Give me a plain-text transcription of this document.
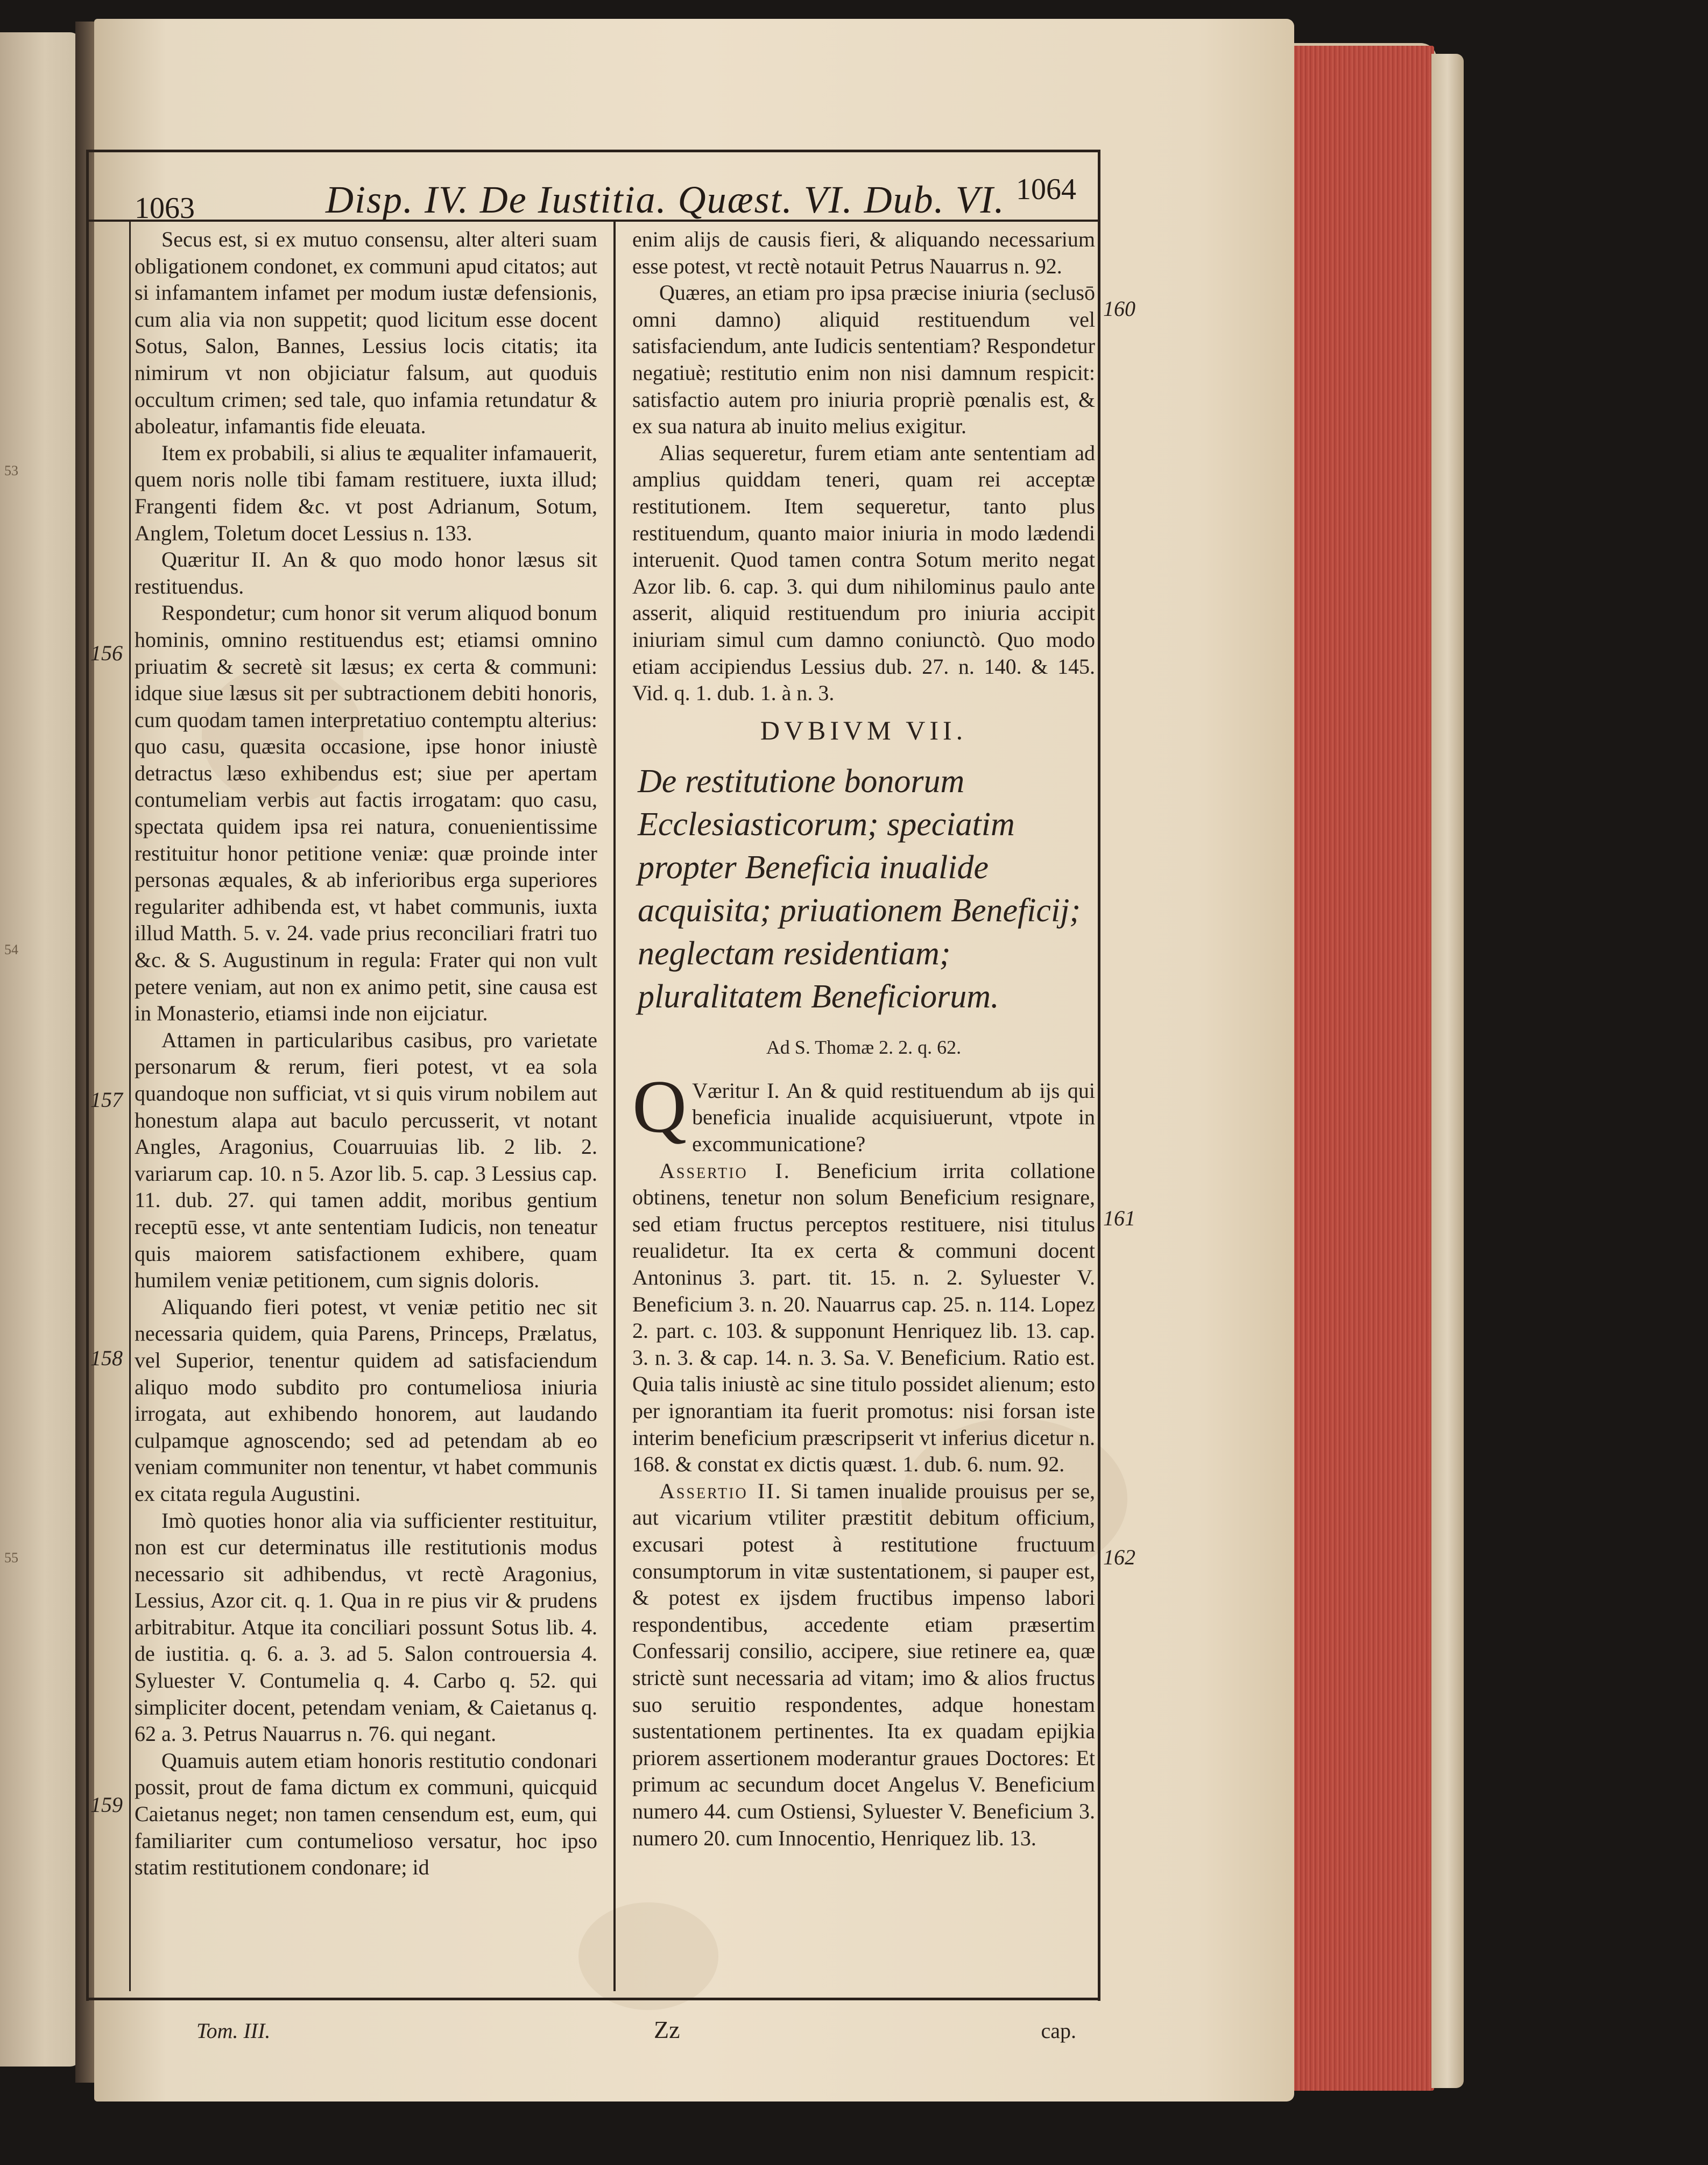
53
54
55
1063	Disp. IV. De Iustitia. Quæst. VI. Dub. VI. 1064
156
157
158
159
160
161
162

Secus est, si ex mutuo consensu, alter alteri suam obligationem condonet, ex communi apud citatos; aut si infamantem infamet per modum iustæ defensionis, cum alia via non suppetit; quod licitum esse docent Sotus, Salon, Bannes, Lessius locis citatis; ita nimirum vt non objiciatur falsum, aut quoduis occultum crimen; sed tale, quo infamia retundatur & aboleatur, infamantis fide eleuata.

Item ex probabili, si alius te æqualiter infamauerit, quem noris nolle tibi famam restituere, iuxta illud; Frangenti fidem &c. vt post Adrianum, Sotum, Anglem, Toletum docet Lessius n. 133.

Quæritur II. An & quo modo honor læsus sit restituendus.

Respondetur; cum honor sit verum aliquod bonum hominis, omnino restituendus est; etiamsi omnino priuatim & secretè sit læsus; ex certa & communi: idque siue læsus sit per subtractionem debiti honoris, cum quodam tamen interpretatiuo contemptu alterius: quo casu, quæsita occasione, ipse honor iniustè detractus læso exhibendus est; siue per apertam contumeliam verbis aut factis irrogatam: quo casu, spectata quidem ipsa rei natura, conuenientissime restituitur honor petitione veniæ: quæ proinde inter personas æquales, & ab inferioribus erga superiores regulariter adhibenda est, vt habet communis, iuxta illud Matth. 5. v. 24. vade prius reconciliari fratri tuo &c. & S. Augustinum in regula: Frater qui non vult petere veniam, aut non ex animo petit, sine causa est in Monasterio, etiamsi inde non eijciatur.

Attamen in particularibus casibus, pro varietate personarum & rerum, fieri potest, vt ea sola quandoque non sufficiat, vt si quis virum nobilem aut honestum alapa aut baculo percusserit, vt notant Angles, Aragonius, Couarruuias lib. 2 lib. 2. variarum cap. 10. n 5. Azor lib. 5. cap. 3 Lessius cap. 11. dub. 27. qui tamen addit, moribus gentium receptū esse, vt ante sententiam Iudicis, non teneatur quis maiorem satisfactionem exhibere, quam humilem veniæ petitionem, cum signis doloris.

Aliquando fieri potest, vt veniæ petitio nec sit necessaria quidem, quia Parens, Princeps, Prælatus, vel Superior, tenentur quidem ad satisfaciendum aliquo modo subdito pro contumeliosa iniuria irrogata, aut exhibendo honorem, aut laudando culpamque agnoscendo; sed ad petendam ab eo veniam communiter non tenentur, vt habet communis ex citata regula Augustini.

Imò quoties honor alia via sufficienter restituitur, non est cur determinatus ille restitutionis modus necessario sit adhibendus, vt rectè Aragonius, Lessius, Azor cit. q. 1. Qua in re pius vir & prudens arbitrabitur. Atque ita conciliari possunt Sotus lib. 4. de iustitia. q. 6. a. 3. ad 5. Salon controuersia 4. Syluester V. Contumelia q. 4. Carbo q. 52. qui simpliciter docent, petendam veniam, & Caietanus q. 62 a. 3. Petrus Nauarrus n. 76. qui negant.

Quamuis autem etiam honoris restitutio condonari possit, prout de fama dictum ex communi, quicquid Caietanus neget; non tamen censendum est, eum, qui familiariter cum contumelioso versatur, hoc ipso statim restitutionem condonare; id

enim alijs de causis fieri, & aliquando necessarium esse potest, vt rectè notauit Petrus Nauarrus n. 92.

Quæres, an etiam pro ipsa præcise iniuria (seclusō omni damno) aliquid restituendum vel satisfaciendum, ante Iudicis sententiam? Respondetur negatiuè; restitutio enim non nisi damnum respicit: satisfactio autem pro iniuria propriè pœnalis est, & ex sua natura ab inuito melius exigitur.

Alias sequeretur, furem etiam ante sententiam ad amplius quiddam teneri, quam rei acceptæ restitutionem. Item sequeretur, tanto plus restituendum, quanto maior iniuria in modo lædendi interuenit. Quod tamen contra Sotum merito negat Azor lib. 6. cap. 3. qui dum nihilominus paulo ante asserit, aliquid restituendum pro iniuria accipit iniuriam simul cum damno coniunctò. Quo modo etiam accipiendus Lessius dub. 27. n. 140. & 145. Vid. q. 1. dub. 1. à n. 3.

DVBIVM VII.

De restitutione bonorum Ecclesiasticorum; speciatim propter Beneficia inualide acquisita; priuationem Beneficij; neglectam residentiam; pluralitatem Beneficiorum.

Ad S. Thomæ 2. 2. q. 62.

Q Væritur I. An & quid restituendum ab ijs qui beneficia inualide acquisiuerunt, vtpote in excommunicatione?

Assertio I. Beneficium irrita collatione obtinens, tenetur non solum Beneficium resignare, sed etiam fructus perceptos restituere, nisi titulus reualidetur. Ita ex certa & communi docent Antoninus 3. part. tit. 15. n. 2. Syluester V. Beneficium 3. n. 20. Nauarrus cap. 25. n. 114. Lopez 2. part. c. 103. & supponunt Henriquez lib. 13. cap. 3. n. 3. & cap. 14. n. 3. Sa. V. Beneficium. Ratio est. Quia talis iniustè ac sine titulo possidet alienum; esto per ignorantiam ita fuerit promotus: nisi forsan iste interim beneficium præscripserit vt inferius dicetur n. 168. & constat ex dictis quæst. 1. dub. 6. num. 92.

Assertio II. Si tamen inualide prouisus per se, aut vicarium vtiliter præstitit debitum officium, excusari potest à restitutione fructuum consumptorum in vitæ sustentationem, si pauper est, & potest ex ijsdem fructibus impenso labori respondentibus, accedente etiam præsertim Confessarij consilio, accipere, siue retinere ea, quæ strictè sunt necessaria ad vitam; imo & alios fructus suo seruitio respondentes, adque honestam sustentationem pertinentes. Ita ex quadam epijkia priorem assertionem moderantur graues Doctores: Et primum ac secundum docet Angelus V. Beneficium numero 44. cum Ostiensi, Syluester V. Beneficium 3. numero 20. cum Innocentio, Henriquez lib. 13.

Tom. III.	Zz	cap.
